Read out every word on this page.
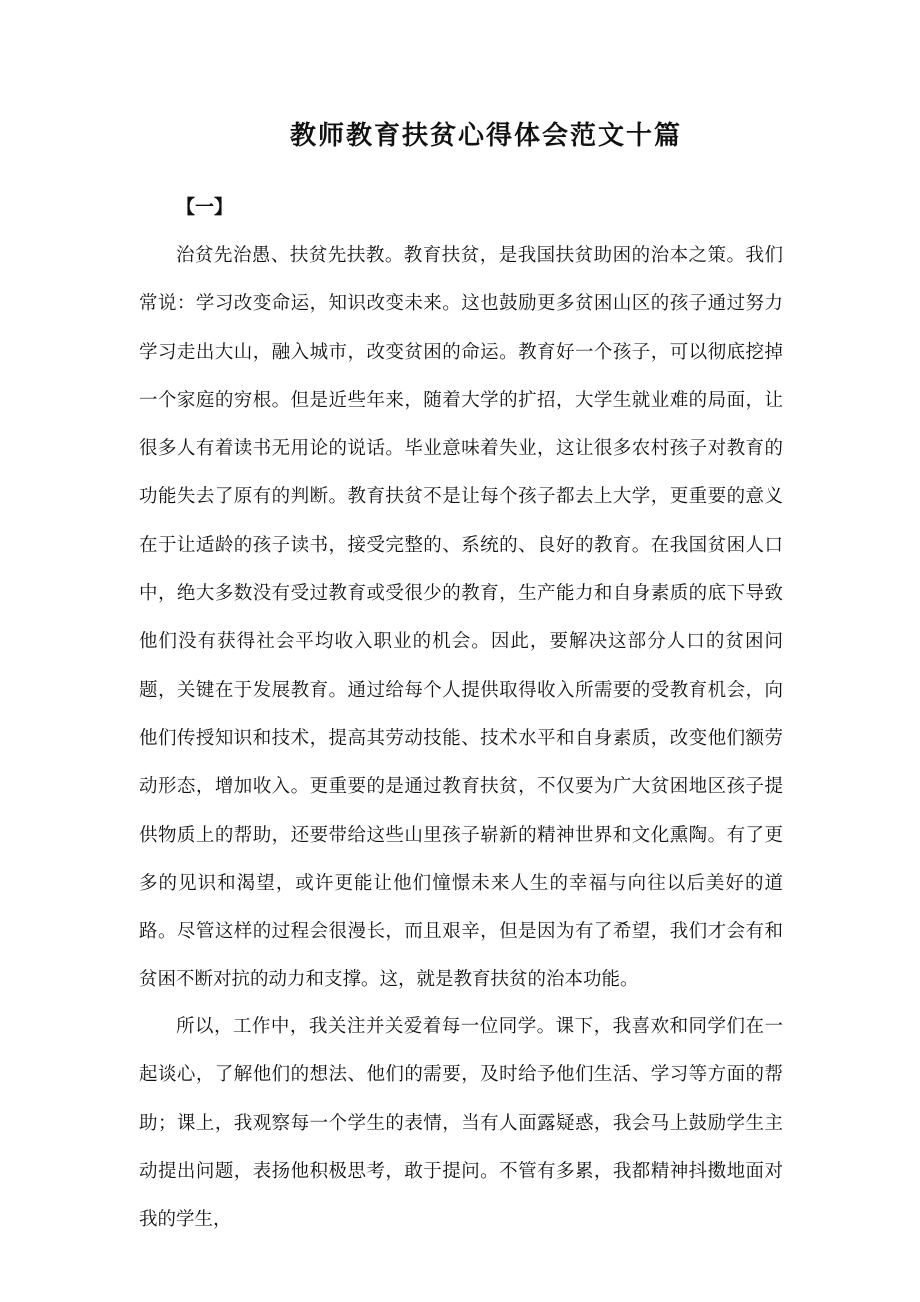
教师教育扶贫心得体会范文十篇
【一】

治贫先治愚、扶贫先扶教。教育扶贫，是我国扶贫助困的治本之策。我们常说：学习改变命运，知识改变未来。这也鼓励更多贫困山区的孩子通过努力学习走出大山，融入城市，改变贫困的命运。教育好一个孩子，可以彻底挖掉一个家庭的穷根。但是近些年来，随着大学的扩招，大学生就业难的局面，让很多人有着读书无用论的说话。毕业意味着失业，这让很多农村孩子对教育的功能失去了原有的判断。教育扶贫不是让每个孩子都去上大学，更重要的意义在于让适龄的孩子读书，接受完整的、系统的、良好的教育。在我国贫困人口中，绝大多数没有受过教育或受很少的教育，生产能力和自身素质的底下导致他们没有获得社会平均收入职业的机会。因此，要解决这部分人口的贫困问题，关键在于发展教育。通过给每个人提供取得收入所需要的受教育机会，向他们传授知识和技术，提高其劳动技能、技术水平和自身素质，改变他们额劳动形态，增加收入。更重要的是通过教育扶贫，不仅要为广大贫困地区孩子提供物质上的帮助，还要带给这些山里孩子崭新的精神世界和文化熏陶。有了更多的见识和渴望，或许更能让他们憧憬未来人生的幸福与向往以后美好的道路。尽管这样的过程会很漫长，而且艰辛，但是因为有了希望，我们才会有和贫困不断对抗的动力和支撑。这，就是教育扶贫的治本功能。

所以，工作中，我关注并关爱着每一位同学。课下，我喜欢和同学们在一起谈心，了解他们的想法、他们的需要，及时给予他们生活、学习等方面的帮助；课上，我观察每一个学生的表情，当有人面露疑惑，我会马上鼓励学生主动提出问题，表扬他积极思考，敢于提问。不管有多累，我都精神抖擞地面对我的学生，
